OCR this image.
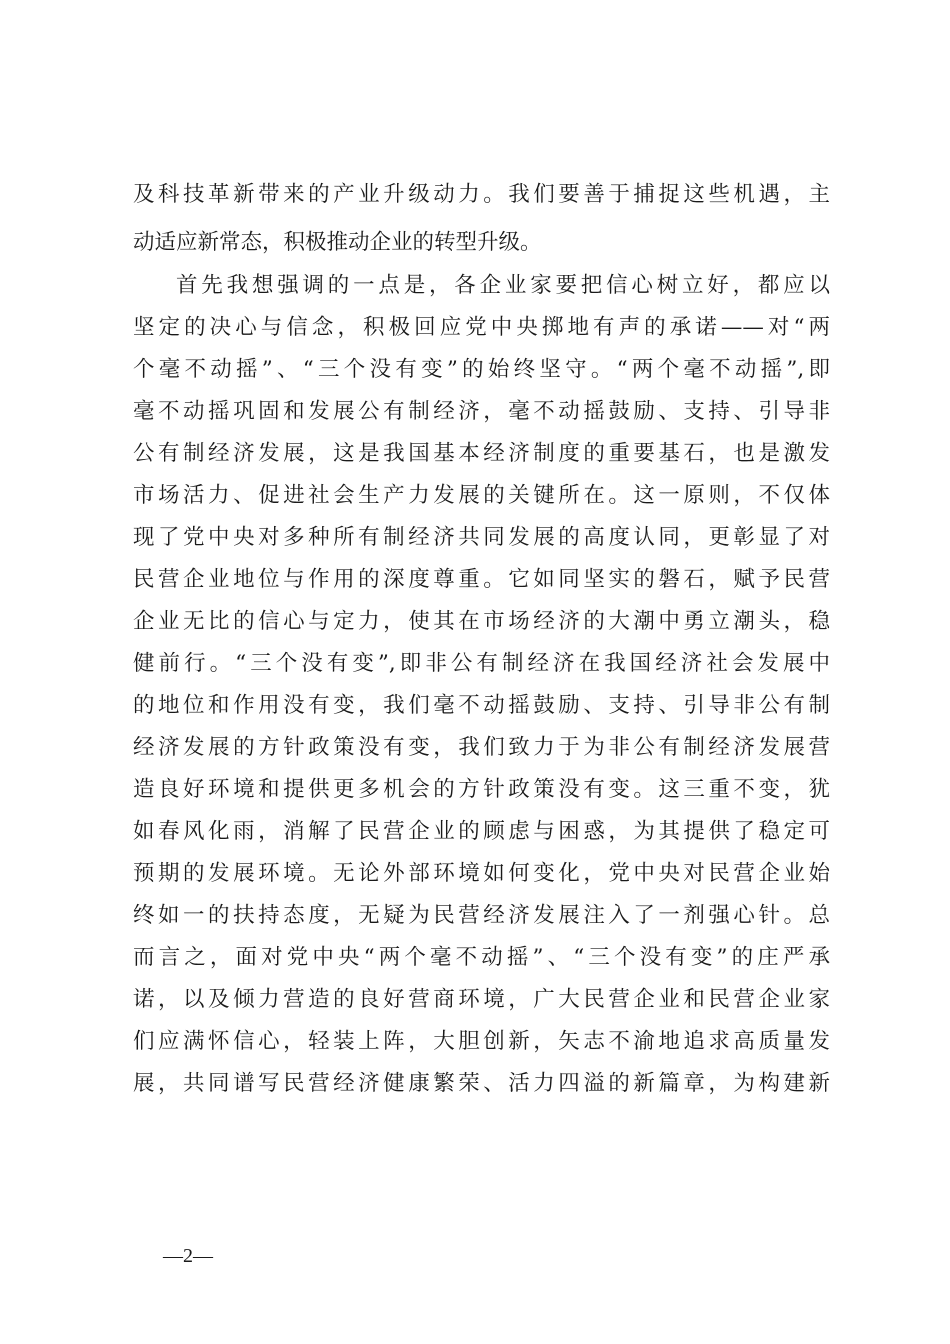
及科技革新带来的产业升级动力。我们要善于捕捉这些机遇，主
动适应新常态，积极推动企业的转型升级。
首先我想强调的一点是，各企业家要把信心树立好，都应以
坚定的决心与信念，积极回应党中央掷地有声的承诺——对“两
个毫不动摇”、“三个没有变”的始终坚守。“两个毫不动摇”,即
毫不动摇巩固和发展公有制经济，毫不动摇鼓励、支持、引导非
公有制经济发展，这是我国基本经济制度的重要基石，也是激发
市场活力、促进社会生产力发展的关键所在。这一原则，不仅体
现了党中央对多种所有制经济共同发展的高度认同，更彰显了对
民营企业地位与作用的深度尊重。它如同坚实的磐石，赋予民营
企业无比的信心与定力，使其在市场经济的大潮中勇立潮头，稳
健前行。“三个没有变”,即非公有制经济在我国经济社会发展中
的地位和作用没有变，我们毫不动摇鼓励、支持、引导非公有制
经济发展的方针政策没有变，我们致力于为非公有制经济发展营
造良好环境和提供更多机会的方针政策没有变。这三重不变，犹
如春风化雨，消解了民营企业的顾虑与困惑，为其提供了稳定可
预期的发展环境。无论外部环境如何变化，党中央对民营企业始
终如一的扶持态度，无疑为民营经济发展注入了一剂强心针。总
而言之，面对党中央“两个毫不动摇”、“三个没有变”的庄严承
诺，以及倾力营造的良好营商环境，广大民营企业和民营企业家
们应满怀信心，轻装上阵，大胆创新，矢志不渝地追求高质量发
展，共同谱写民营经济健康繁荣、活力四溢的新篇章，为构建新
—2—
